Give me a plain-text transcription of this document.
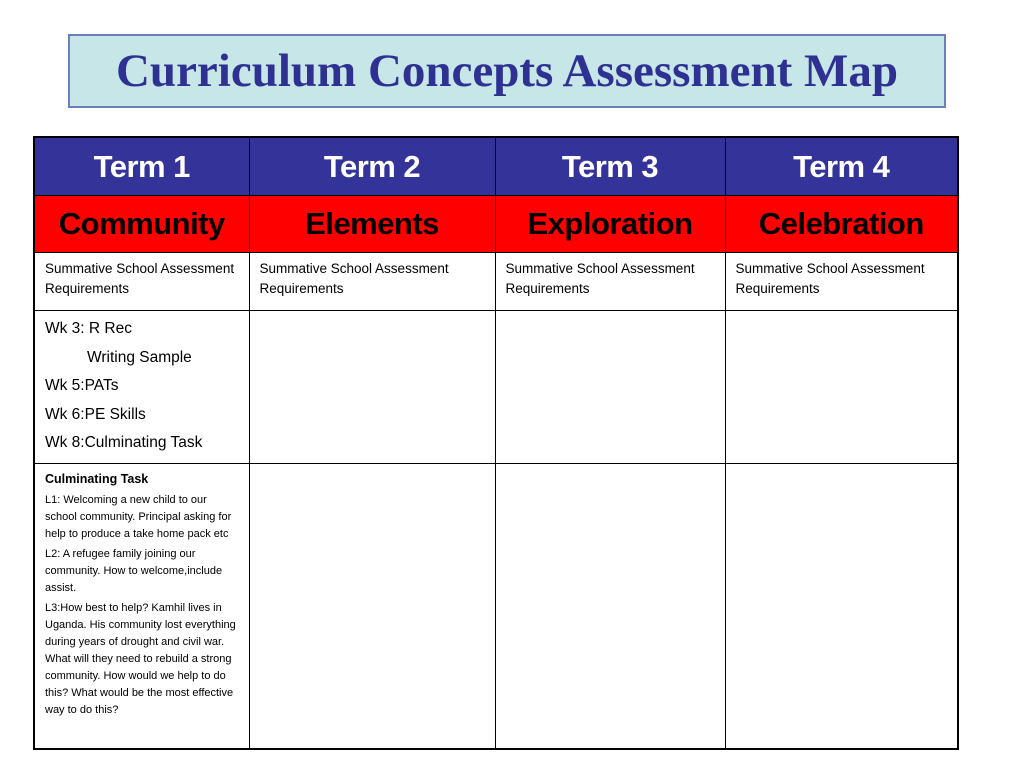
Curriculum Concepts Assessment Map
Term 1	Term 2	Term 3	Term 4
Community	Elements	Exploration	Celebration
Summative School Assessment Requirements	Summative School Assessment Requirements	Summative School Assessment Requirements	Summative School Assessment Requirements

Wk 3: R Rec
Writing Sample
Wk 5:PATs
Wk 6:PE Skills
Wk 8:Culminating Task			

Culminating Task
L1: Welcoming a new child to our school community. Principal asking for help to produce a take home pack etc
L2: A refugee family joining our community. How to welcome,include assist.
L3:How best to help? Kamhil lives in Uganda. His community lost everything during years of drought and civil war. What will they need to rebuild a strong community. How would we help to do this? What would be the most effective way to do this?			
